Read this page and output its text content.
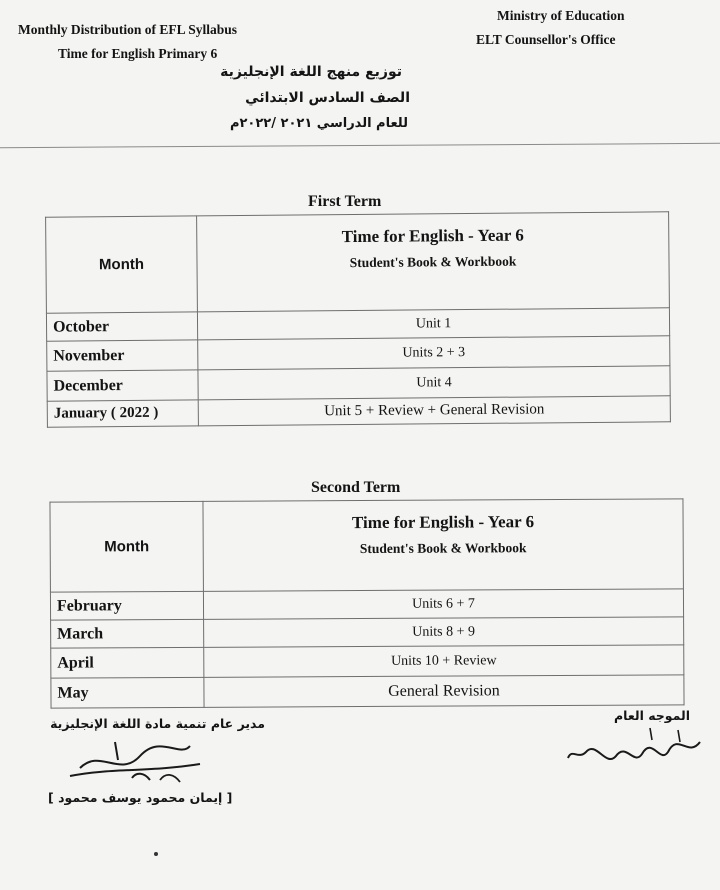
Monthly Distribution of EFL Syllabus
Time for English Primary 6
Ministry of Education
ELT Counsellor's Office
توزيع منهج اللغة الإنجليزية
الصف السادس الابتدائي
للعام الدراسي ٢٠٢١ /٢٠٢٢م
First Term
Month	Time for English - Year 6
Student's Book & Workbook

October	Unit 1
November	Units 2 + 3
December	Unit 4
January ( 2022 )	Unit 5 + Review + General Revision
Second Term
Month	Time for English - Year 6
Student's Book & Workbook

February	Units 6 + 7
March	Units 8 + 9
April	Units 10 + Review
May	General Revision
مدير عام تنمية مادة اللغة الإنجليزية
[ إيمان محمود يوسف محمود ]
الموجه العام
